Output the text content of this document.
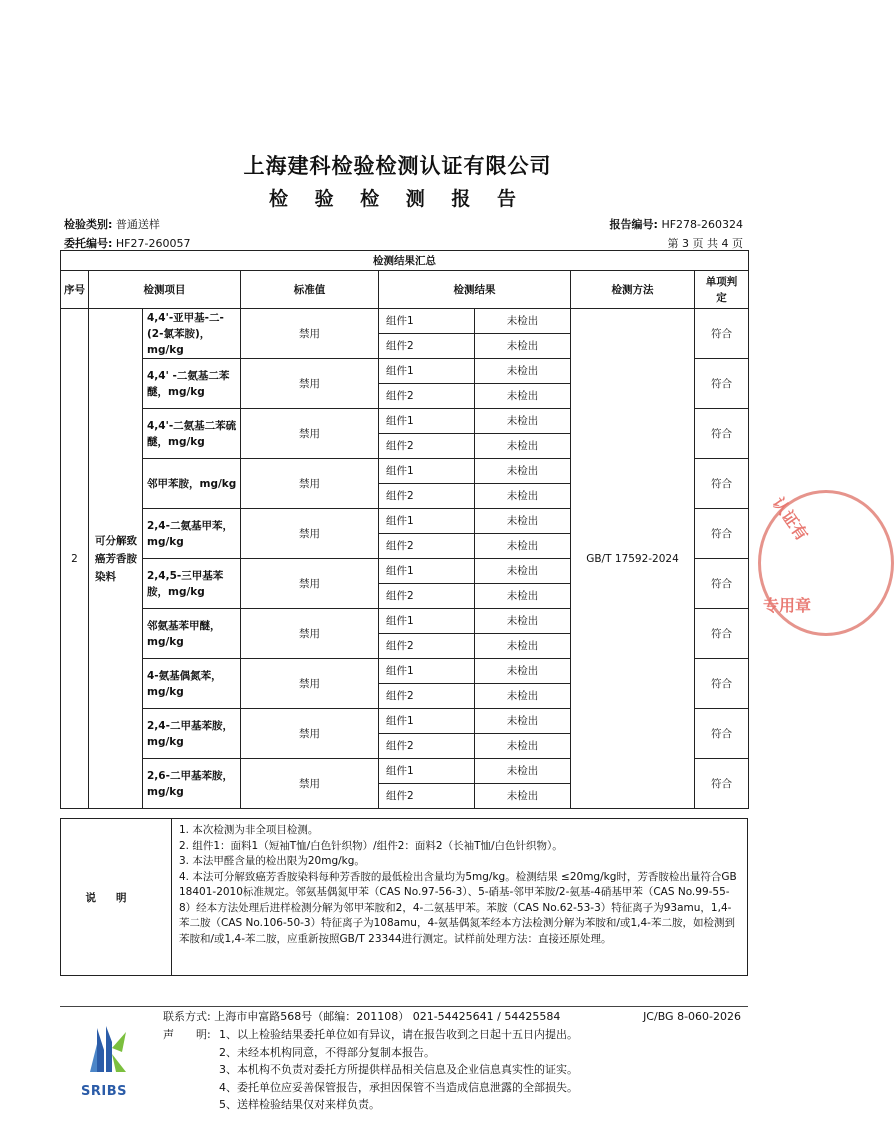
上海建科检验检测认证有限公司
检 验 检 测 报 告
检验类别: 普通送样
委托编号: HF27-260057
报告编号: HF278-260324
第 3 页 共 4 页
检测结果汇总							
序号	检测项目		标准值	检测结果		检测方法	单项判定
2	可分解致癌芳香胺染料	4,4'-亚甲基-二-(2-氯苯胺)，mg/kg	禁用	组件1	未检出	GB/T 17592-2024	符合
				组件2	未检出		
		4,4' -二氨基二苯醚，mg/kg	禁用	组件1	未检出		符合
				组件2	未检出		
		4,4'-二氨基二苯硫醚，mg/kg	禁用	组件1	未检出		符合
				组件2	未检出		
		邻甲苯胺，mg/kg	禁用	组件1	未检出		符合
				组件2	未检出		
		2,4-二氨基甲苯，mg/kg	禁用	组件1	未检出		符合
				组件2	未检出		
		2,4,5-三甲基苯胺，mg/kg	禁用	组件1	未检出		符合
				组件2	未检出		
		邻氨基苯甲醚，mg/kg	禁用	组件1	未检出		符合
				组件2	未检出		
		4-氨基偶氮苯，mg/kg	禁用	组件1	未检出		符合
				组件2	未检出		
		2,4-二甲基苯胺，mg/kg	禁用	组件1	未检出		符合
				组件2	未检出		
		2,6-二甲基苯胺，mg/kg	禁用	组件1	未检出		符合
				组件2	未检出		
说明
1. 本次检测为非全项目检测。
2. 组件1：面料1（短袖T恤/白色针织物）/组件2：面料2（长袖T恤/白色针织物）。
3. 本法甲醛含量的检出限为20mg/kg。
4. 本法可分解致癌芳香胺染料每种芳香胺的最低检出含量均为5mg/kg。检测结果 ≤20mg/kg时，芳香胺检出量符合GB 18401-2010标准规定。邻氨基偶氮甲苯（CAS No.97-56-3）、5-硝基-邻甲苯胺/2-氨基-4硝基甲苯（CAS No.99-55-8）经本方法处理后进样检测分解为邻甲苯胺和2，4-二氨基甲苯。苯胺（CAS No.62-53-3）特征离子为93amu，1,4-苯二胺（CAS No.106-50-3）特征离子为108amu，4-氨基偶氮苯经本方法检测分解为苯胺和/或1,4-苯二胺，如检测到苯胺和/或1,4-苯二胺，应重新按照GB/T 23344进行测定。试样前处理方法：直接还原处理。
SRIBS
联系方式: 上海市申富路568号（邮编：201108） 021-54425641 / 54425584	JC/BG 8-060-2026
声　　明: 1、以上检验结果委托单位如有异议，请在报告收到之日起十五日内提出。
2、未经本机构同意，不得部分复制本报告。
3、本机构不负责对委托方所提供样品相关信息及企业信息真实性的证实。
4、委托单位应妥善保管报告，承担因保管不当造成信息泄露的全部损失。
5、送样检验结果仅对来样负责。
认证有
专用章
